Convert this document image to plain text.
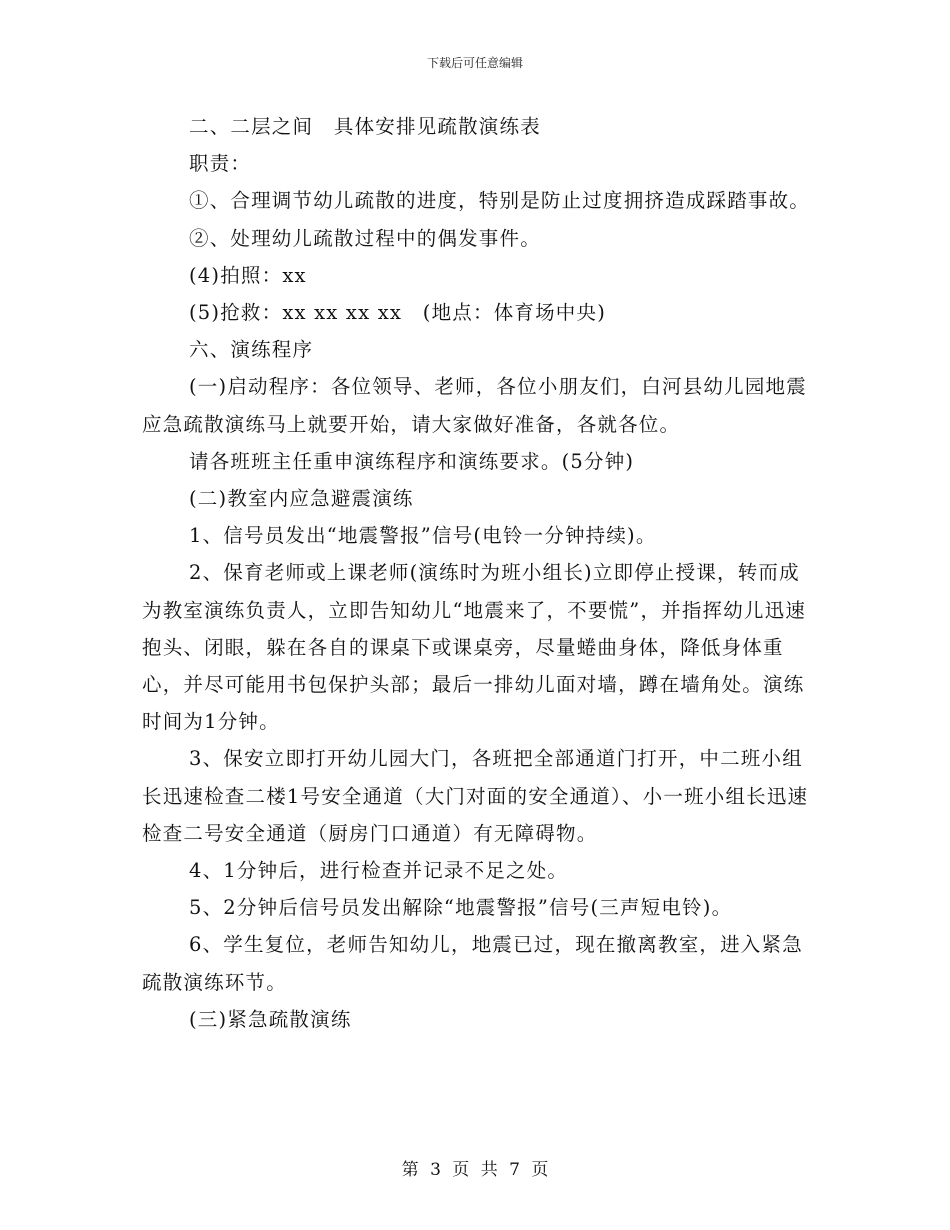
下载后可任意编辑

二、二层之间　具体安排见疏散演练表

职责：

①、合理调节幼儿疏散的进度，特别是防止过度拥挤造成踩踏事故。

②、处理幼儿疏散过程中的偶发事件。

(4)拍照：xx

(5)抢救：xx xx xx xx　(地点：体育场中央)

六、演练程序

(一)启动程序：各位领导、老师，各位小朋友们，白河县幼儿园地震应急疏散演练马上就要开始，请大家做好准备，各就各位。

请各班班主任重申演练程序和演练要求。(5分钟)

(二)教室内应急避震演练

1、信号员发出“地震警报”信号(电铃一分钟持续)。

2、保育老师或上课老师(演练时为班小组长)立即停止授课，转而成为教室演练负责人，立即告知幼儿“地震来了，不要慌”，并指挥幼儿迅速抱头、闭眼，躲在各自的课桌下或课桌旁，尽量蜷曲身体，降低身体重心，并尽可能用书包保护头部；最后一排幼儿面对墙，蹲在墙角处。演练时间为1分钟。

3、保安立即打开幼儿园大门，各班把全部通道门打开，中二班小组长迅速检查二楼1号安全通道（大门对面的安全通道）、小一班小组长迅速检查二号安全通道（厨房门口通道）有无障碍物。

4、1分钟后，进行检查并记录不足之处。

5、2分钟后信号员发出解除“地震警报”信号(三声短电铃)。

6、学生复位，老师告知幼儿，地震已过，现在撤离教室，进入紧急疏散演练环节。

(三)紧急疏散演练

第 3 页 共 7 页
